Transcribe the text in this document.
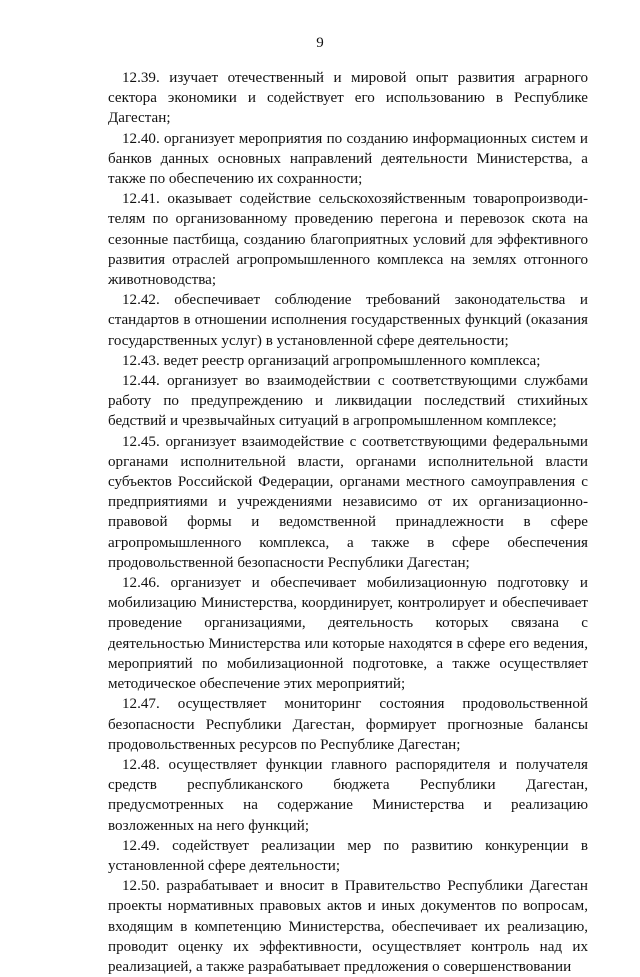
9

12.39. изучает отечественный и мировой опыт развития аграрного сектора экономики и содействует его использованию в Республике Дагестан;

12.40. организует мероприятия по созданию информационных систем и банков данных основных направлений деятельности Министерства, а также по обеспечению их сохранности;

12.41. оказывает содействие сельскохозяйственным товаропроизводителям по организованному проведению перегона и перевозок скота на сезонные пастбища, созданию благоприятных условий для эффективного развития отраслей агропромышленного комплекса на землях отгонного животноводства;

12.42. обеспечивает соблюдение требований законодательства и стандартов в отношении исполнения государственных функций (оказания государственных услуг) в установленной сфере деятельности;

12.43. ведет реестр организаций агропромышленного комплекса;

12.44. организует во взаимодействии с соответствующими службами работу по предупреждению и ликвидации последствий стихийных бедствий и чрезвычайных ситуаций в агропромышленном комплексе;

12.45. организует взаимодействие с соответствующими федеральными органами исполнительной власти, органами исполнительной власти субъектов Российской Федерации, органами местного самоуправления с предприятиями и учреждениями независимо от их организационно-правовой формы и ведомственной принадлежности в сфере агропромышленного комплекса, а также в сфере обеспечения продовольственной безопасности Республики Дагестан;

12.46. организует и обеспечивает мобилизационную подготовку и мобилизацию Министерства, координирует, контролирует и обеспечивает проведение организациями, деятельность которых связана с деятельностью Министерства или которые находятся в сфере его ведения, мероприятий по мобилизационной подготовке, а также осуществляет методическое обеспечение этих мероприятий;

12.47. осуществляет мониторинг состояния продовольственной безопасности Республики Дагестан, формирует прогнозные балансы продовольственных ресурсов по Республике Дагестан;

12.48. осуществляет функции главного распорядителя и получателя средств республиканского бюджета Республики Дагестан, предусмотренных на содержание Министерства и реализацию возложенных на него функций;

12.49. содействует реализации мер по развитию конкуренции в установленной сфере деятельности;

12.50. разрабатывает и вносит в Правительство Республики Дагестан проекты нормативных правовых актов и иных документов по вопросам, входящим в компетенцию Министерства, обеспечивает их реализацию, проводит оценку их эффективности, осуществляет контроль над их реализацией, а также разрабатывает предложения о совершенствовании
